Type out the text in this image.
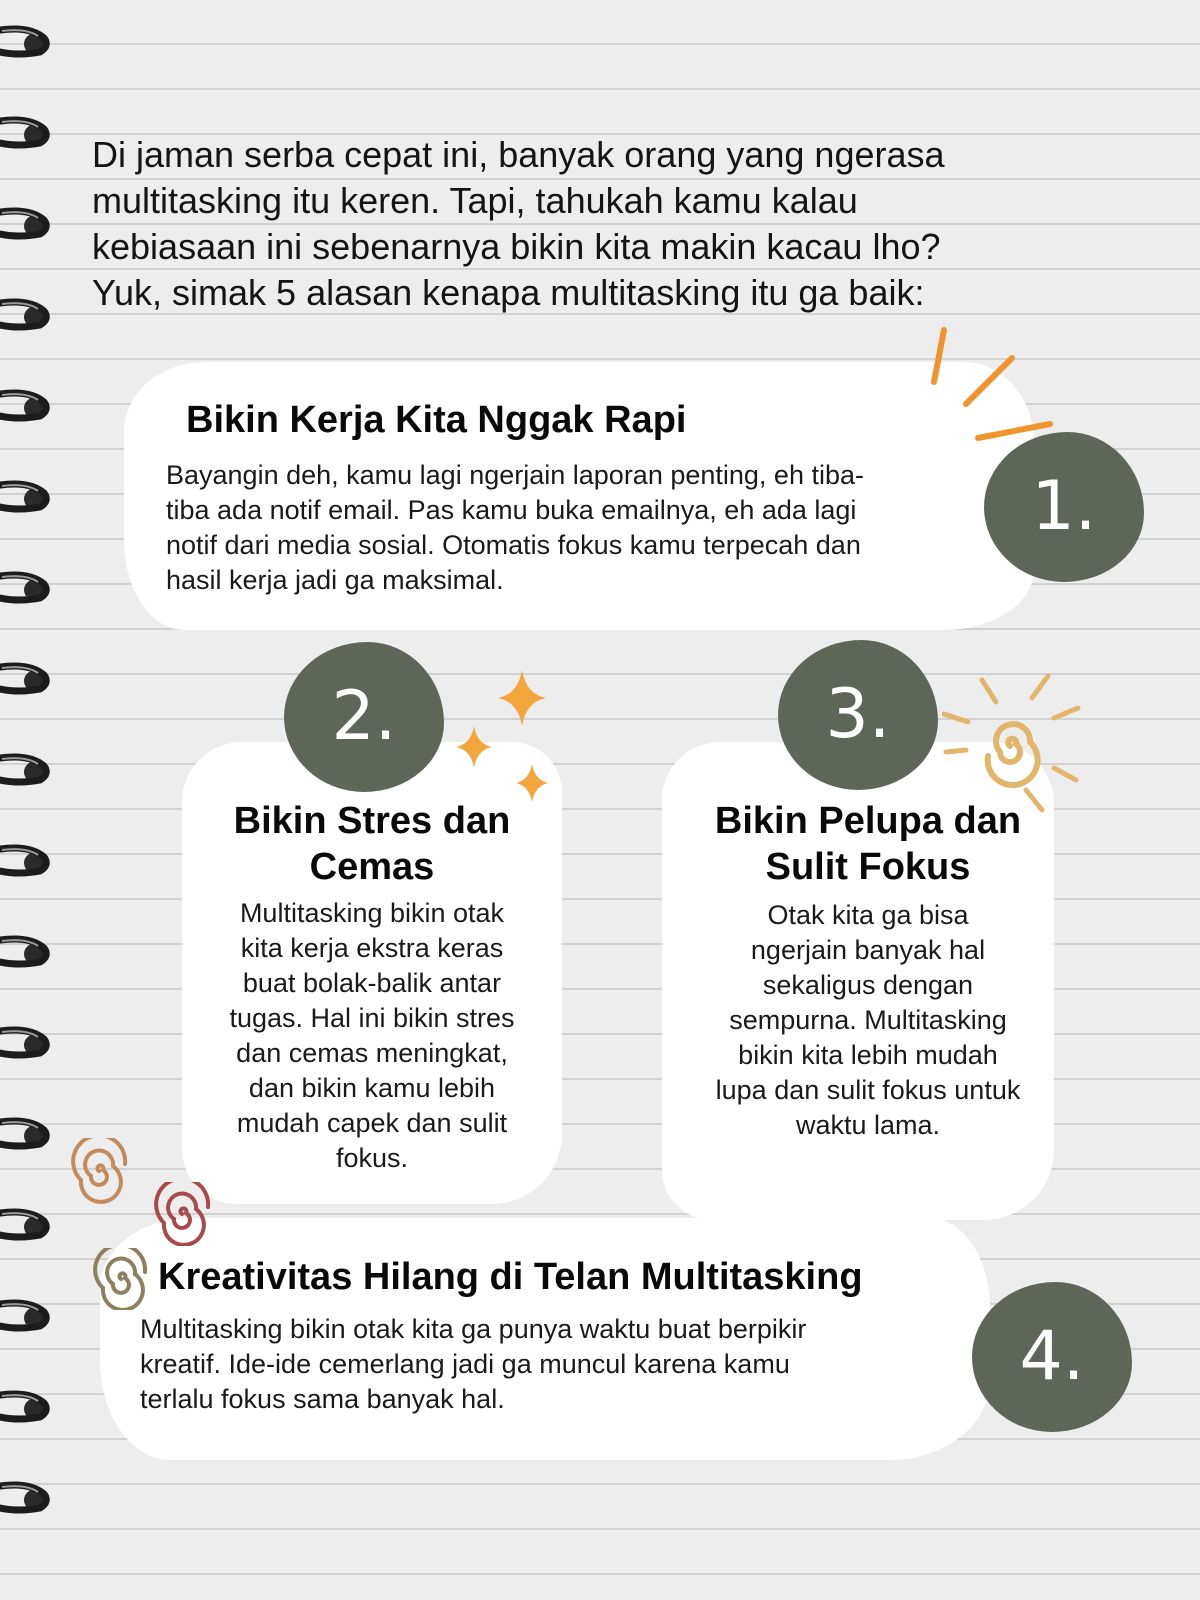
Di jaman serba cepat ini, banyak orang yang ngerasa
multitasking itu keren. Tapi, tahukah kamu kalau
kebiasaan ini sebenarnya bikin kita makin kacau lho?
Yuk, simak 5 alasan kenapa multitasking itu ga baik:

1.
2.	3.
4.
Bikin Kerja Kita Nggak Rapi

Bayangin deh, kamu lagi ngerjain laporan penting, eh tiba-
tiba ada notif email. Pas kamu buka emailnya, eh ada lagi
notif dari media sosial. Otomatis fokus kamu terpecah dan
hasil kerja jadi ga maksimal.

Bikin Stres dan
Cemas

Multitasking bikin otak
kita kerja ekstra keras
buat bolak-balik antar
tugas. Hal ini bikin stres
dan cemas meningkat,
dan bikin kamu lebih
mudah capek dan sulit
fokus.

Bikin Pelupa dan
Sulit Fokus

Otak kita ga bisa
ngerjain banyak hal
sekaligus dengan
sempurna. Multitasking
bikin kita lebih mudah
lupa dan sulit fokus untuk
waktu lama.

Kreativitas Hilang di Telan Multitasking

Multitasking bikin otak kita ga punya waktu buat berpikir
kreatif. Ide-ide cemerlang jadi ga muncul karena kamu
terlalu fokus sama banyak hal.
